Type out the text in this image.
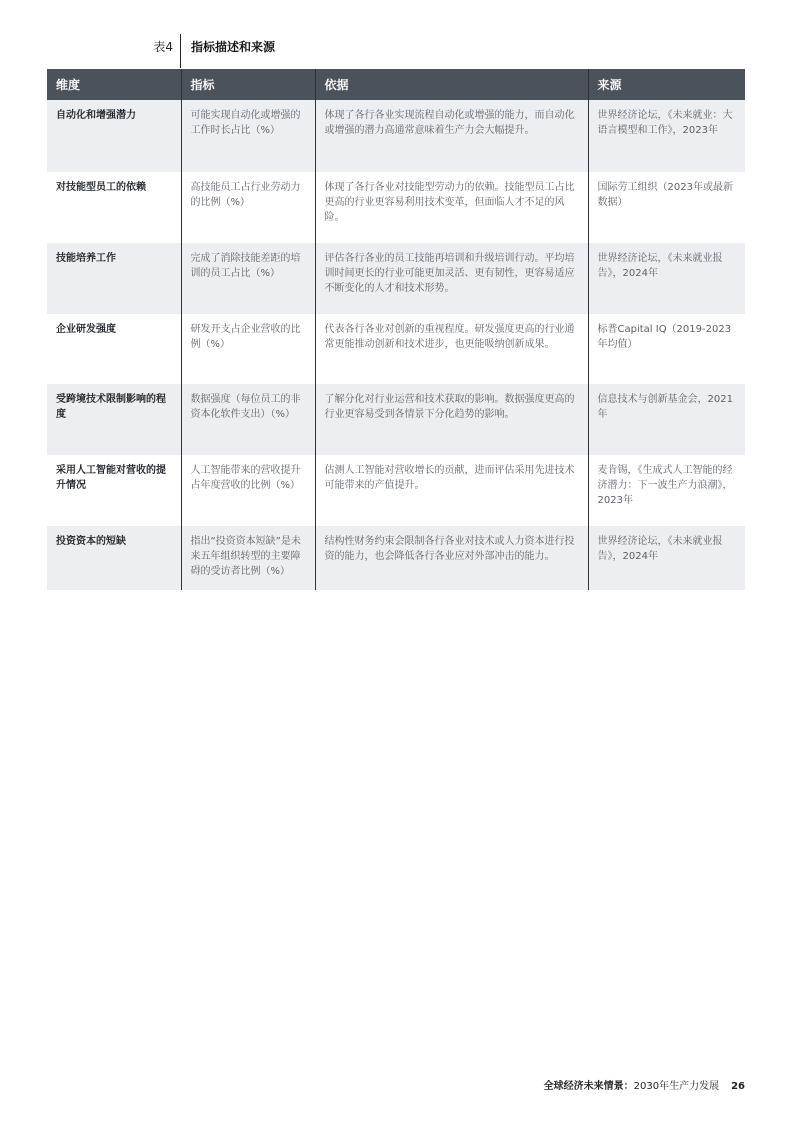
表4 指标描述和来源
维度	指标	依据	来源
自动化和增强潜力	可能实现自动化或增强的工作时长占比（%）	体现了各行各业实现流程自动化或增强的能力，而自动化或增强的潜力高通常意味着生产力会大幅提升。	世界经济论坛，《未来就业：大语言模型和工作》，2023年
对技能型员工的依赖	高技能员工占行业劳动力的比例（%）	体现了各行各业对技能型劳动力的依赖。技能型员工占比更高的行业更容易利用技术变革，但面临人才不足的风险。	国际劳工组织（2023年或最新数据）
技能培养工作	完成了消除技能差距的培训的员工占比（%）	评估各行各业的员工技能再培训和升级培训行动。平均培训时间更长的行业可能更加灵活、更有韧性，更容易适应不断变化的人才和技术形势。	世界经济论坛，《未来就业报告》，2024年
企业研发强度	研发开支占企业营收的比例（%）	代表各行各业对创新的重视程度。研发强度更高的行业通常更能推动创新和技术进步，也更能吸纳创新成果。	标普Capital IQ（2019-2023年均值）
受跨境技术限制影响的程度	数据强度（每位员工的非资本化软件支出）（%）	了解分化对行业运营和技术获取的影响。数据强度更高的行业更容易受到各情景下分化趋势的影响。	信息技术与创新基金会，2021年
采用人工智能对营收的提升情况	人工智能带来的营收提升占年度营收的比例（%）	估测人工智能对营收增长的贡献，进而评估采用先进技术可能带来的产值提升。	麦肯锡，《生成式人工智能的经济潜力：下一波生产力浪潮》，2023年
投资资本的短缺	指出“投资资本短缺”是未来五年组织转型的主要障碍的受访者比例（%）	结构性财务约束会限制各行各业对技术或人力资本进行投资的能力，也会降低各行各业应对外部冲击的能力。	世界经济论坛，《未来就业报告》，2024年
全球经济未来情景：2030年生产力发展 26
